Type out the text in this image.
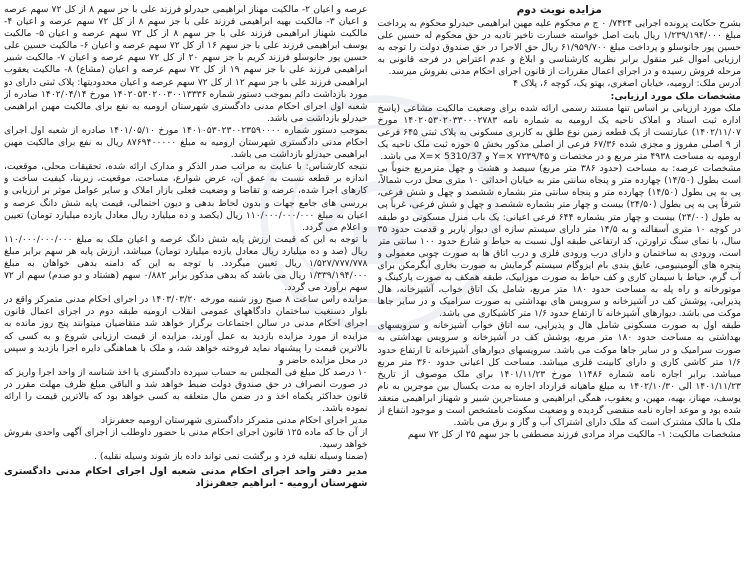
مزایده نوبت دوم

بشرح حکایت پرونده اجرایی ۷۴۲۴/ ۰ ج م محکوم علیه مهین ابراهیمی حیدرلو محکوم به پرداخت مبلغ ۱/۲۳۹/۱۹۴/۰۰۰ ریال بابت اصل خواسته خسارت تاخیر تادیه در حق محکوم له حسین علی حسین پور جانوسلو و پرداخت مبلغ ۶۱/۹۵۹/۷۰۰ ریال حق الاجرا در حق صندوق دولت را توجه به ارزیابی اموال غیر منقول برابر نظریه کارشناسی و ابلاغ و عدم اعتراض در فرجه قانونی به مرحله فروش رسیده و در اجرای اعمال مقررات از قانون اجرای احکام مدنی بفروش میرسد.

آدرس ملک: ارومیه، خیابان اصغری، بهتو یک، کوچه ۶، پلاک ۴

مشخصات ملک مورد ارزیابی:

ملک مورد ارزیابی بر اساس تنها مستند رسمی ارائه شده برای وضعیت مالکیت مشاعی (پاسخ اداره ثبت اسناد و املاک ناحیه یک ارومیه به شماره نامه ۱۴۰۲۰۵۳۰۲۰۳۳۰۰۰۲۷۸۳ مورخ ۱۴۰۲/۱۱/۰۷) عبارتست از یک قطعه زمین نوع طلق به کاربری مسکونی به پلاک ثبتی ۶۴۵ فرعی از ۹ اصلی مفروز و مجزی شده ۶۷/۳۶ فرعی از اصلی مذکور بخش ۵ حوزه ثبت ملک ناحیه یک ارومیه به مساحت ۴۹۳۸ متر مربع و در مختصات و ۷۲۳۹/۴۵ ×=Y و 5310/37 ×=X می باشد.

مشخصات عرصه: به مساحت (حدود ۳۸۶ متر مربع) سیصد و هشت و چهل مترمربع جنوباً بی است بطول (۱۴/۵۰) چهارده متر و پنجاه سانتی متر به خیابان احداثی ۱۰ متری محل درب شمالاً، پی به پی بطول (۱۴/۵۰) چهارده متر و پنجاه سانتی متر بشماره ششصد و چهل و شش فرعی، شرقاً پی به پی بطول (۲۴/۵۰) بیست و چهار متر بشماره ششصد و چهل و شش فرعی، غرباً پی به طول (۲۴/۰۰) بیست و چهار متر بشماره ۶۴۴ فرعی اعیانی: یک باب منزل مسکونی دو طبقه در کوچه ۱۰ متری آسفالته و به ۱۴/۵ متر دارای سیستم سازه ای دیوار باربر و قدمت حدود ۳۵ سال، با نمای سنگ تراورتن، کد ارتفاعی طبقه اول نسبت به حیاط و شارع حدود ۱۰۰ سانتی متر است، ورودی به ساختمان و دارای درب ورودی فلزی و درب اتاق ها به صورت چوبی معمولی و پنجره های آلومینیومی، عایق بندی بام ایزوگام سیستم گرمایش به صورت بخاری آبگرمکن برای آب گرم، حیاط با سیمان کاری و کف حیاط به صورت موزاییک، طبقه همکف به صورت پارکینگ و موتورخانه و راه پله به مساحت حدود ۱۸۰ متر مربع، شامل یک اتاق خواب، آشپزخانه، هال پذیرایی، پوشش کف در آشپزخانه و سرویس های بهداشتی به صورت سرامیک و در سایر جاها موکت می باشد. دیوارهای آشپزخانه تا ارتفاع حدود ۱/۶ متر کاشیکاری می باشد.

طبقه اول به صورت مسکونی شامل هال و پذیرایی، سه اتاق خواب آشپزخانه و سرویسهای بهداشتی به مساحت حدود ۱۸۰ متر مربع، پوشش کف در آشپزخانه و سرویس بهداشتی به صورت سرامیک و در سایر جاها موکت می باشد. سرویسهای دیوارهای آشپزخانه تا ارتفاع حدود ۱/۶ متر کاشی کاری و دارای کابینت فلزی میباشد. مساحت کل اعیانی حدود ۳۶۰ متر مربع میباشد. برابر اجاره نامه شماره ۱۱۴۸۶ مورخ ۱۴۰۱/۱۱/۲۳ برای ملک موصوف از تاریخ ۱۴۰۱/۱۱/۲۳ الی ۱۴۰۲/۱۰/۳۰ به مبلغ ماهیانه قرارداد اجاره به مدت یکسال بین موجرین به نام یوسف، مهناز، بهیه، مهین، و یعقوب، همگی ابراهیمی و مستاجرین شبیر و شهناز ابراهیمی منعقد شده بود و موعد اجاره نامه منقضی گردیده و وضعیت سکونت نامشخص است و موجود انتفاع از ملک با مالک مشترک است که ملک دارای اشتراک آب و گاز و برق می باشد.

مشخصات مالکیت: ۱- مالکیت مراد مرادی فرزند مصطفی با جز سهم ۲۵ از کل ۷۲ سهم

عرصه و اعیان ۲- مالکیت مهناز ابراهیمی حیدرلو فرزند علی با جز سهم ۸ از کل ۷۲ سهم عرصه و اعیان ۳- مالکیت بهیه ابراهیمی فرزند علی با جز سهم ۸ از کل ۷۲ سهم عرصه و اعیان ۴- مالکیت شهناز ابراهیمی فرزند علی با جز سهم ۸ از کل ۷۲ سهم عرصه و اعیان ۵- مالکیت یوسف ابراهیمی فرزند علی با جز سهم ۱۶ از کل ۷۲ سهم عرصه و اعیان ۶- مالکیت حسین علی حسین پور جانوسلو فرزند کریم با جز سهم ۲۰ از کل ۷۲ سهم عرصه و اعیان ۷- مالکیت شبیر ابراهیمی فرزند علی با جز سهم ۱۹ از کل ۷۲ سهم عرصه و اعیان (مشاع) ۸- مالکیت یعقوب ابراهیمی فرزند علی با جز سهم ۱۲ از کل ۷۲ سهم عرصه و اعیان محدودیتها: پلاک ثبتی دارای دو مورد بازداشت دائم بموجب دستور شماره ۱۴۰۲۰۵۳۰۲۰۰۳۰۰۱۳۳۳۶ مورخ ۱۴۰۲/۰۴/۱۴ صادره از شعبه اول اجرای احکام مدنی دادگستری شهرستان ارومیه به نفع برای مالکیت مهین ابراهیمی حیدرلو بازداشت می باشد.

بموجب دستور شماره ۱۴۰۱۰۵۳۰۲۳۰۰۲۳۵۹۰۰۰۰ مورخ ۱۴۰۱/۰۵/۱۰ صادره از شعبه اول اجرای احکام مدنی دادگستری شهرستان ارومیه به مبلغ ۸۷۶۹۴۰۰۰۰۰ ریال به نفع برای مالکیت مهین ابراهیمی حیدرلو بازداشت می باشد.

نتیجه کارشناس: با عنایت به مراتب صدر الذکر و مدارک ارائه شده، تحقیقات محلی، موقعیت، اندازه بر قطعه نسبت به عمق آن، عرض شوارع، مساحت، موقعیت، زیربنا، کیفیت ساخت و کارهای اجرا شده، عرضه و تقاضا و وضعیت فعلی بازار املاک و سایر عوامل موثر بر ارزیابی و بررسی های جامع جهات و بدون لحاظ بدهی و دیون احتمالی، قیمت پایه شش دانگ عرصه و اعیان به مبلغ ۱۱۰/۰۰۰/۰۰۰/۰۰۰ ریال (یکصد و ده میلیارد ریال معادل یازده میلیارد تومان) تعیین و اعلام می گردد.

با توجه به این که قیمت ارزش پایه شش دانگ عرصه و اعیان ملک به مبلغ ۱۱۰/۰۰۰/۰۰۰/۰۰۰ ریال (صد و ده میلیارد ریال معادل یازده میلیارد تومان) میباشد، ارزش پایه هر سهم برابر مبلغ ۱/۵۲۷/۷۷۷/۷۷۸ ریال تعیین میگردد. با توجه به این که دامنه بدهی خواهان به مبلغ ۱/۳۳۹/۱۹۴/۰۰۰ ریال می باشد که بدهی مذکور برابر ۰/۸۸۲ سهم (هشتاد و دو صدم) سهم از ۷۲ سهم برآورد می گردد.

مزایده راس ساعت ۸ صبح روز شنبه مورخه ۱۴۰۳/۰۳/۲۰ در اجرای احکام مدنی متمرکز واقع در بلوار دستغیب ساختمان دادگاههای عمومی انقلاب ارومیه طبقه دوم در اجرای اعمال قانون اجرای احکام مدنی در سالن اجتماعات برگزار خواهد شد متقاضیان میتوانند پنج روز مانده به مزایده از مورد مزایده بازدید به عمل آورند، مزایده از قیمت ارزیابی شروع و به کسی که بالاترین قیمت را پیشنهاد نماید فروخته خواهد شد، و ملک با هماهنگی دایره اجرا بازدید و سپس در محل مزایده حاضر و

۱۰ درصد کل مبلغ فی المجلس به حساب سپرده دادگستری یا اخذ شناسه از واحد اجرا واریز که در صورت انصراف در حق صندوق دولت ضبط خواهد شد و الباقی مبلغ ظرف مهلت مقرر در قانون حداکثر یکماه اخذ و در ضمن مال متعلقه به کسی خواهد بود که بالاترین قیمت را ارائه نموده باشد.

مدیر اجرای احکام مدنی متمرکز دادگستری شهرستان ارومیه جعفرنژاد

از آن جا که ماده ۱۲۵ قانون اجرای احکام مدنی با حضور داوطلب از اجرای آگهی واحدی بفروش خواهد رسید.

(ضمنا وسیله نقلیه فرد و برگشت نمی تواند داده باز شوند وسیله نقلیه) .

مدیر دفتر واحد اجرای احکام مدنی شعبه اول اجرای احکام مدنی دادگستری شهرستان ارومیه - ابراهیم جعفرنژاد
